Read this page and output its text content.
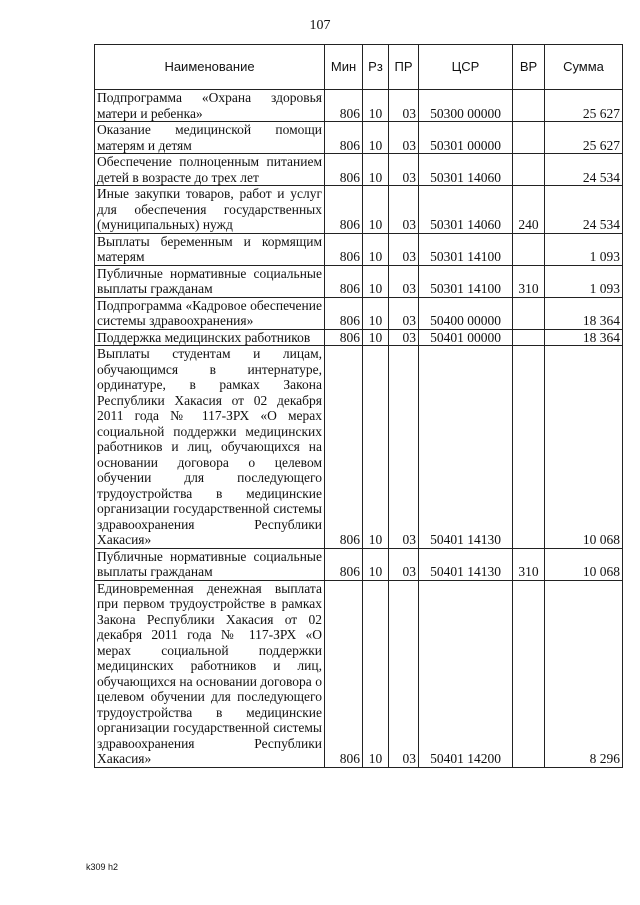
107
Наименование	Мин	Рз	ПР	ЦСР	ВР	Сумма
Подпрограмма «Охрана здоровья матери и ребенка»	806	10	03	50300 00000		25 627
Оказание медицинской помощи матерям и детям	806	10	03	50301 00000		25 627
Обеспечение полноценным питанием детей в возрасте до трех лет	806	10	03	50301 14060		24 534
Иные закупки товаров, работ и услуг для обеспечения государственных (муниципальных) нужд	806	10	03	50301 14060	240	24 534
Выплаты беременным и кормящим матерям	806	10	03	50301 14100		1 093
Публичные нормативные социальные выплаты гражданам	806	10	03	50301 14100	310	1 093
Подпрограмма «Кадровое обеспечение системы здравоохранения»	806	10	03	50400 00000		18 364
Поддержка медицинских работников	806	10	03	50401 00000		18 364
Выплаты студентам и лицам, обучающимся в интернатуре, ординатуре, в рамках Закона Республики Хакасия от 02 декабря 2011 года № 117-ЗРХ «О мерах социальной поддержки медицинских работников и лиц, обучающихся на основании договора о целевом обучении для последующего трудоустройства в медицинские организации государственной системы здравоохранения Республики Хакасия»	806	10	03	50401 14130		10 068
Публичные нормативные социальные выплаты гражданам	806	10	03	50401 14130	310	10 068
Единовременная денежная выплата при первом трудоустройстве в рамках Закона Республики Хакасия от 02 декабря 2011 года № 117-ЗРХ «О мерах социальной поддержки медицинских работников и лиц, обучающихся на основании договора о целевом обучении для последующего трудоустройства в медицинские организации государственной системы здравоохранения Республики Хакасия»	806	10	03	50401 14200		8 296
k309 h2
